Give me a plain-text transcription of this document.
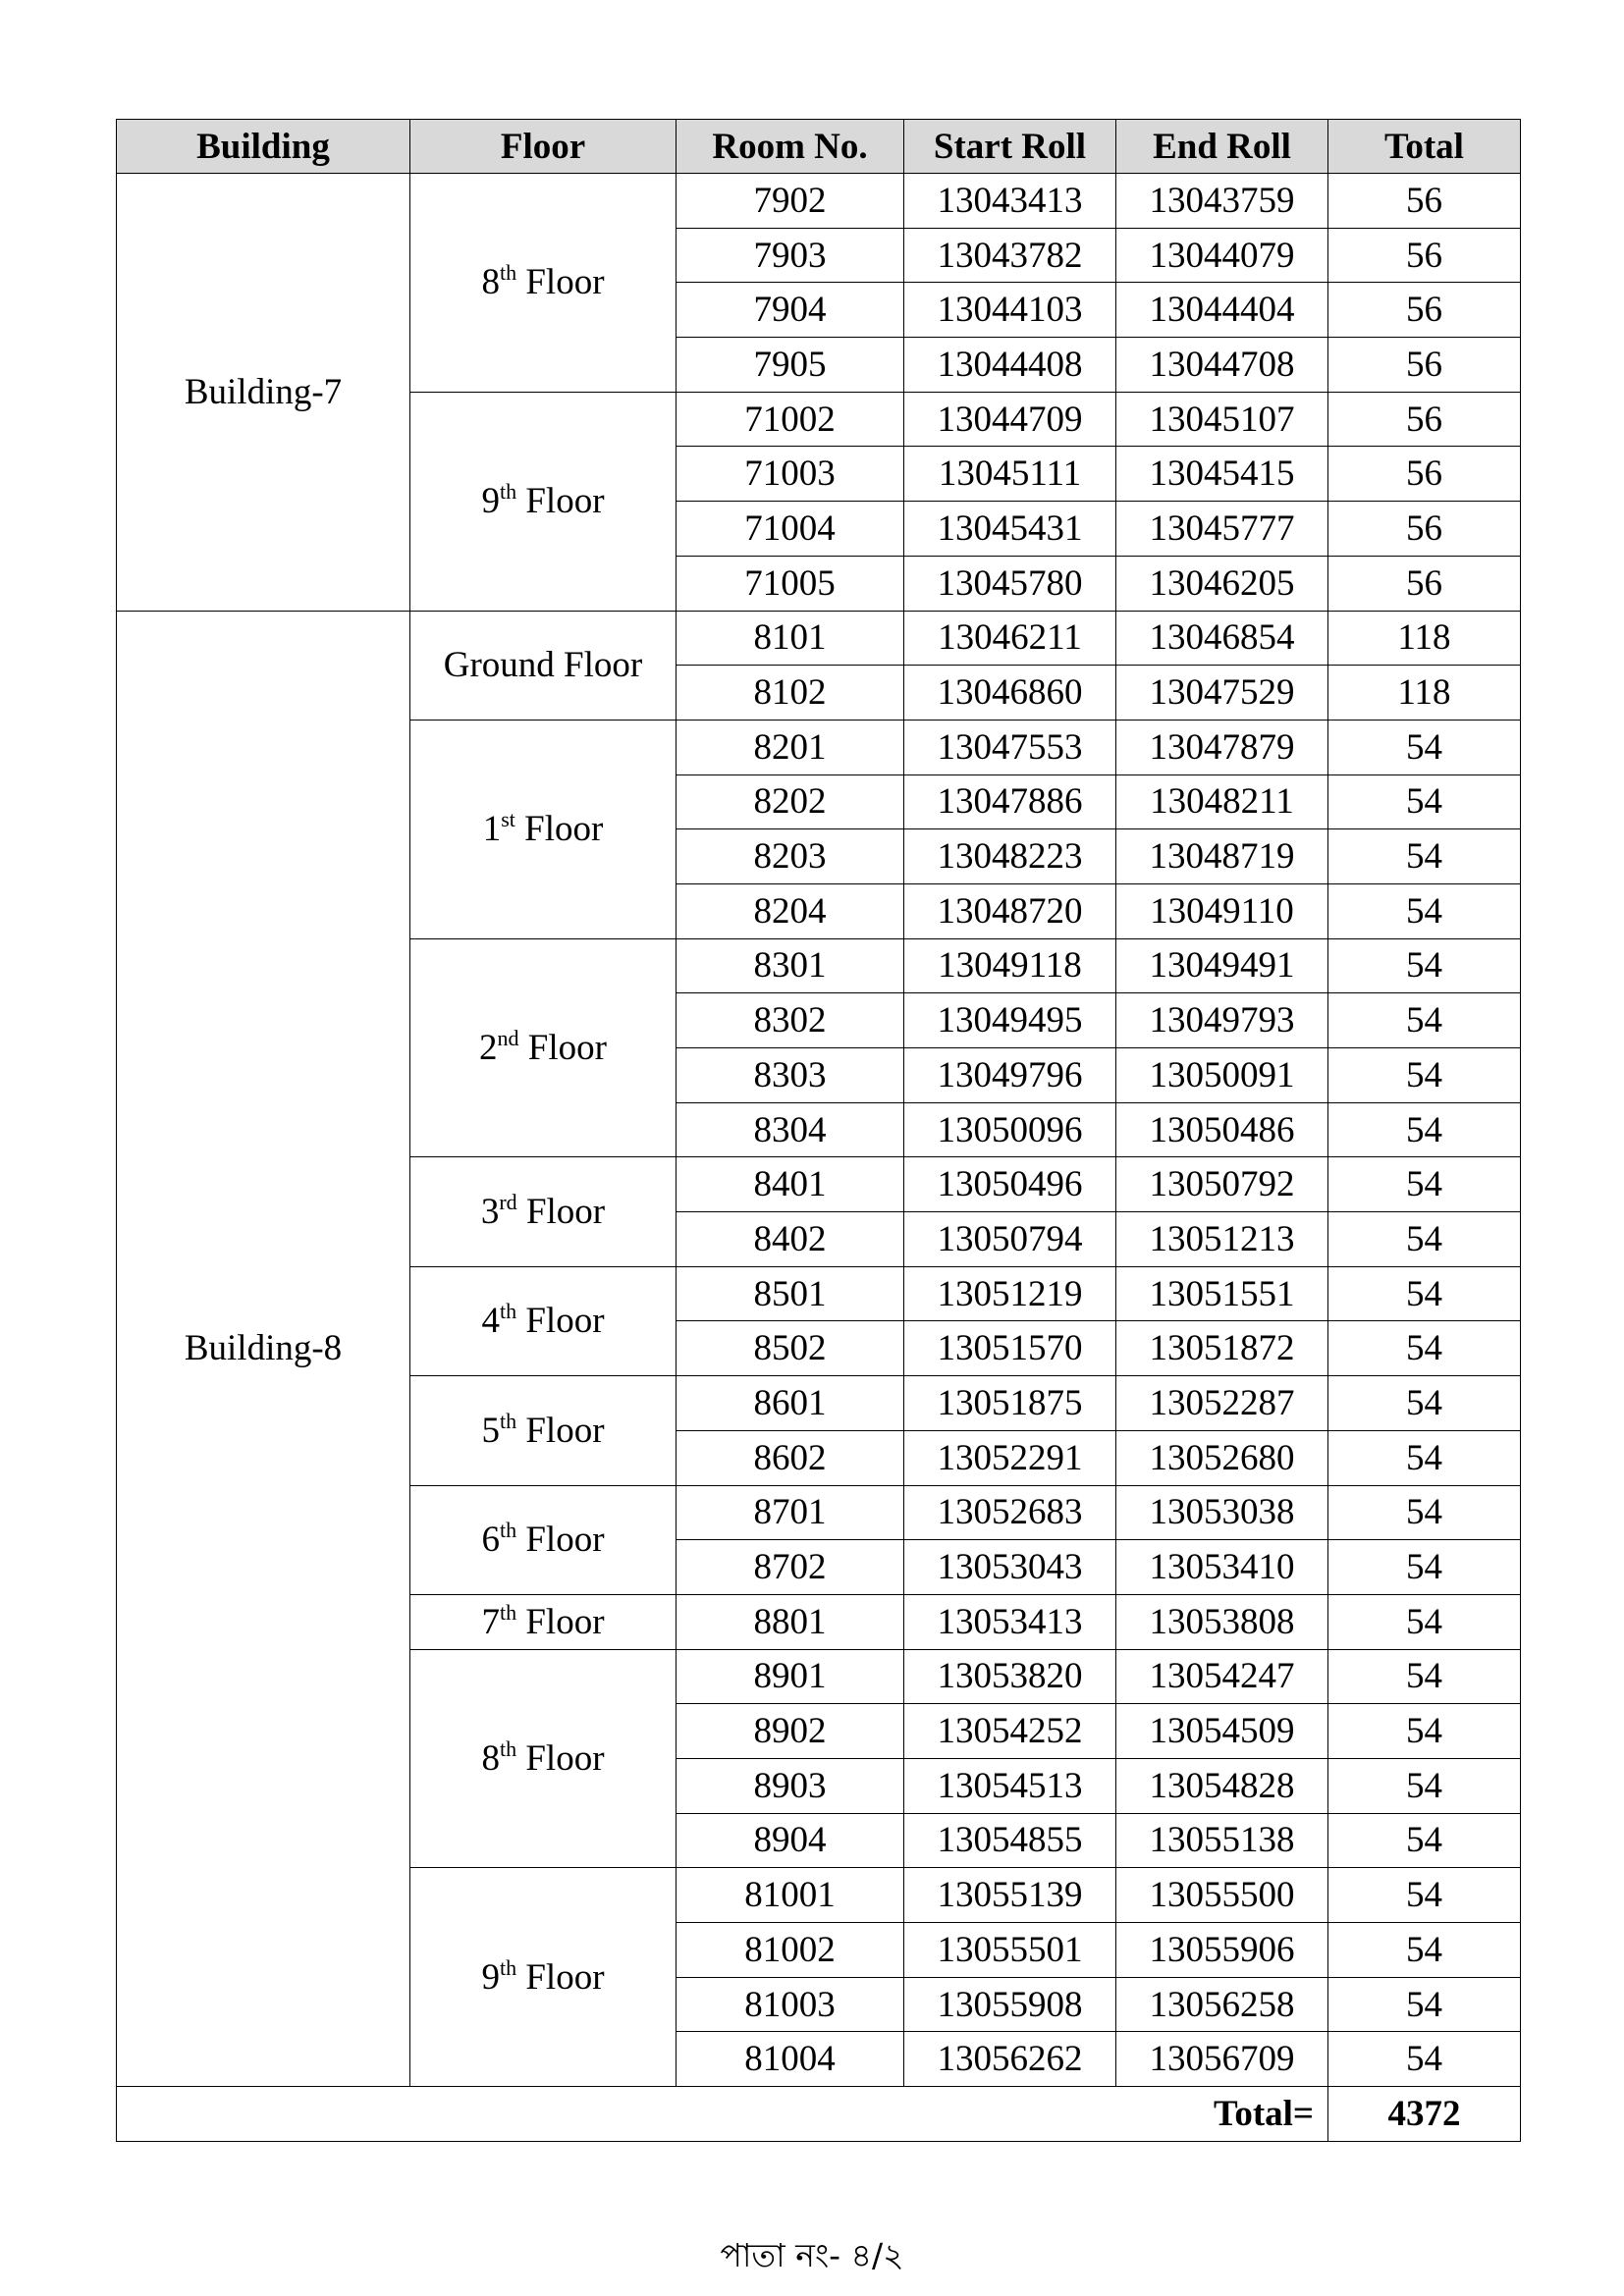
Building	Floor	Room No.	Start Roll	End Roll	Total
Building-7	8th Floor	7902	13043413	13043759	56
		7903	13043782	13044079	56
		7904	13044103	13044404	56
		7905	13044408	13044708	56
	9th Floor	71002	13044709	13045107	56
		71003	13045111	13045415	56
		71004	13045431	13045777	56
		71005	13045780	13046205	56
Building-8	Ground Floor	8101	13046211	13046854	118
		8102	13046860	13047529	118
	1st Floor	8201	13047553	13047879	54
		8202	13047886	13048211	54
		8203	13048223	13048719	54
		8204	13048720	13049110	54
	2nd Floor	8301	13049118	13049491	54
		8302	13049495	13049793	54
		8303	13049796	13050091	54
		8304	13050096	13050486	54
	3rd Floor	8401	13050496	13050792	54
		8402	13050794	13051213	54
	4th Floor	8501	13051219	13051551	54
		8502	13051570	13051872	54
	5th Floor	8601	13051875	13052287	54
		8602	13052291	13052680	54
	6th Floor	8701	13052683	13053038	54
		8702	13053043	13053410	54
	7th Floor	8801	13053413	13053808	54
	8th Floor	8901	13053820	13054247	54
		8902	13054252	13054509	54
		8903	13054513	13054828	54
		8904	13054855	13055138	54
	9th Floor	81001	13055139	13055500	54
		81002	13055501	13055906	54
		81003	13055908	13056258	54
		81004	13056262	13056709	54
Total=					4372
পাতা নং- ৪/২
